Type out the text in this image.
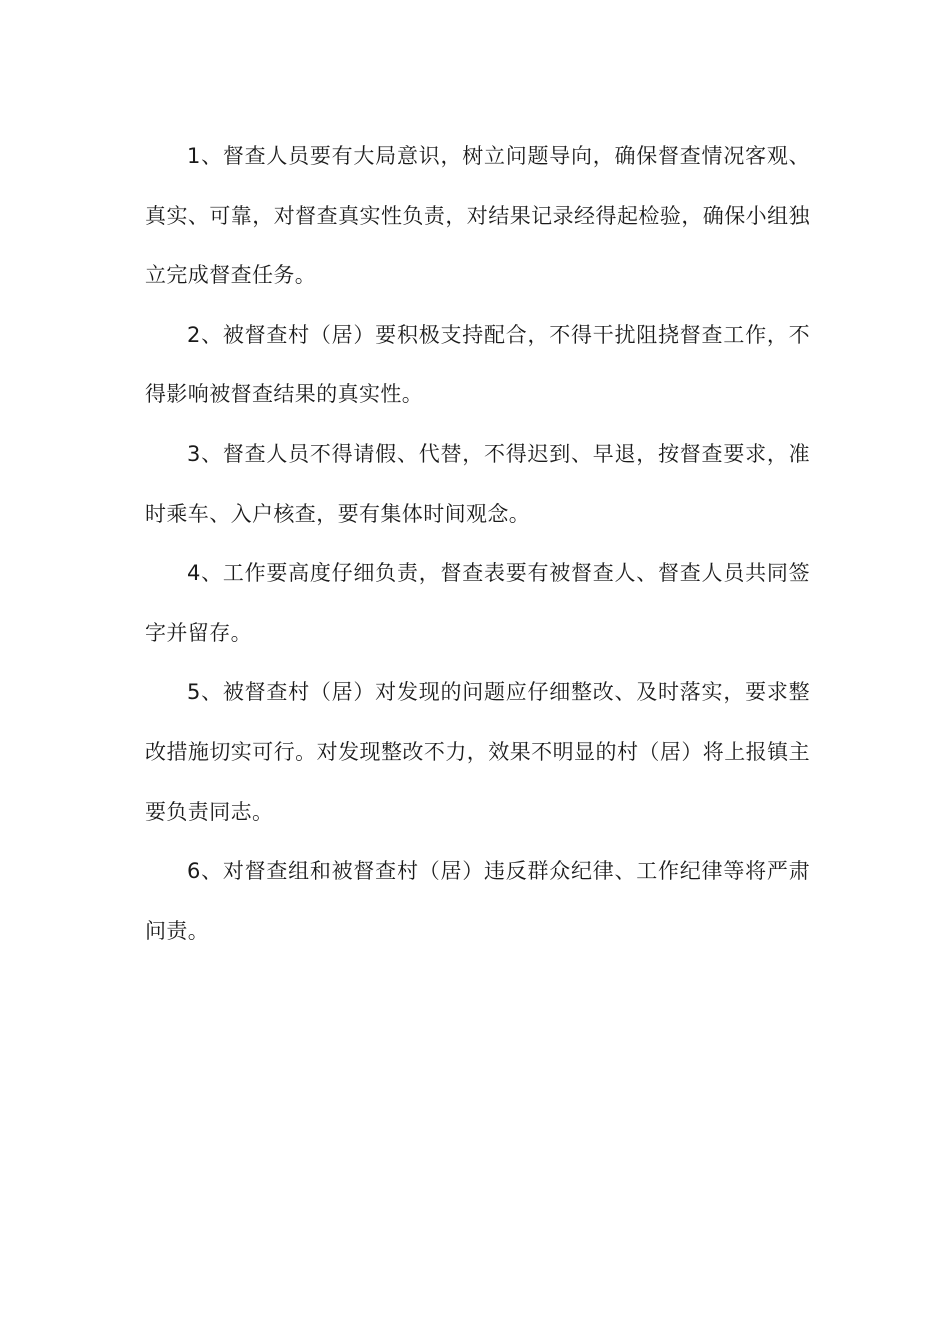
1、督查人员要有大局意识，树立问题导向，确保督查情况客观、真实、可靠，对督查真实性负责，对结果记录经得起检验，确保小组独立完成督查任务。

2、被督查村（居）要积极支持配合，不得干扰阻挠督查工作，不得影响被督查结果的真实性。

3、督查人员不得请假、代替，不得迟到、早退，按督查要求，准时乘车、入户核查，要有集体时间观念。

4、工作要高度仔细负责，督查表要有被督查人、督查人员共同签字并留存。

5、被督查村（居）对发现的问题应仔细整改、及时落实，要求整改措施切实可行。对发现整改不力，效果不明显的村（居）将上报镇主要负责同志。

6、对督查组和被督查村（居）违反群众纪律、工作纪律等将严肃问责。
